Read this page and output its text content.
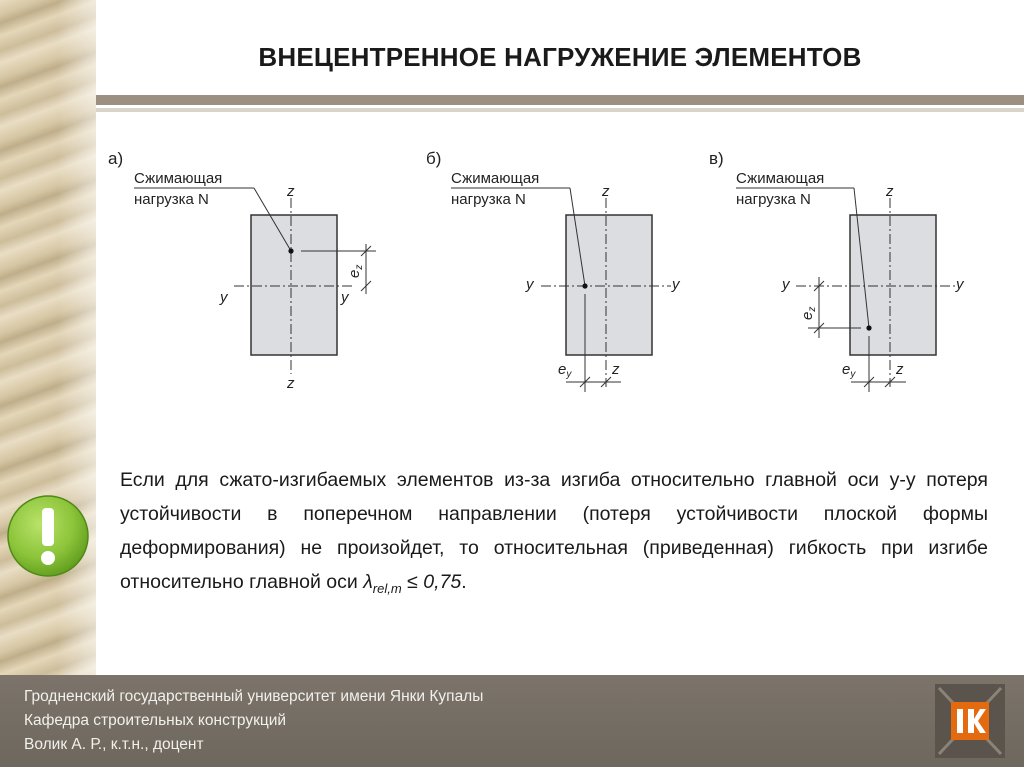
ВНЕЦЕНТРЕННОЕ НАГРУЖЕНИЕ ЭЛЕМЕНТОВ
а)
Сжимающая
нагрузка N
$e_z$
z
z
y	y
б)
Сжимающая
нагрузка N
$e_y$
z
z
y	y
в)
Сжимающая
нагрузка N
$e_z$
$e_y$
z
z
y	y
Если для сжато-изгибаемых элементов из-за изгиба относительно главной оси y-y потеря устойчивости в поперечном направлении (потеря устойчивости плоской формы деформирования) не произойдет, то относительная (приведенная) гибкость при изгибе относительно главной оси $\lambda_{rel,m} \le 0,75$.
Гродненский государственный университет имени Янки Купалы
Кафедра строительных конструкций
Волик А. Р., к.т.н., доцент
